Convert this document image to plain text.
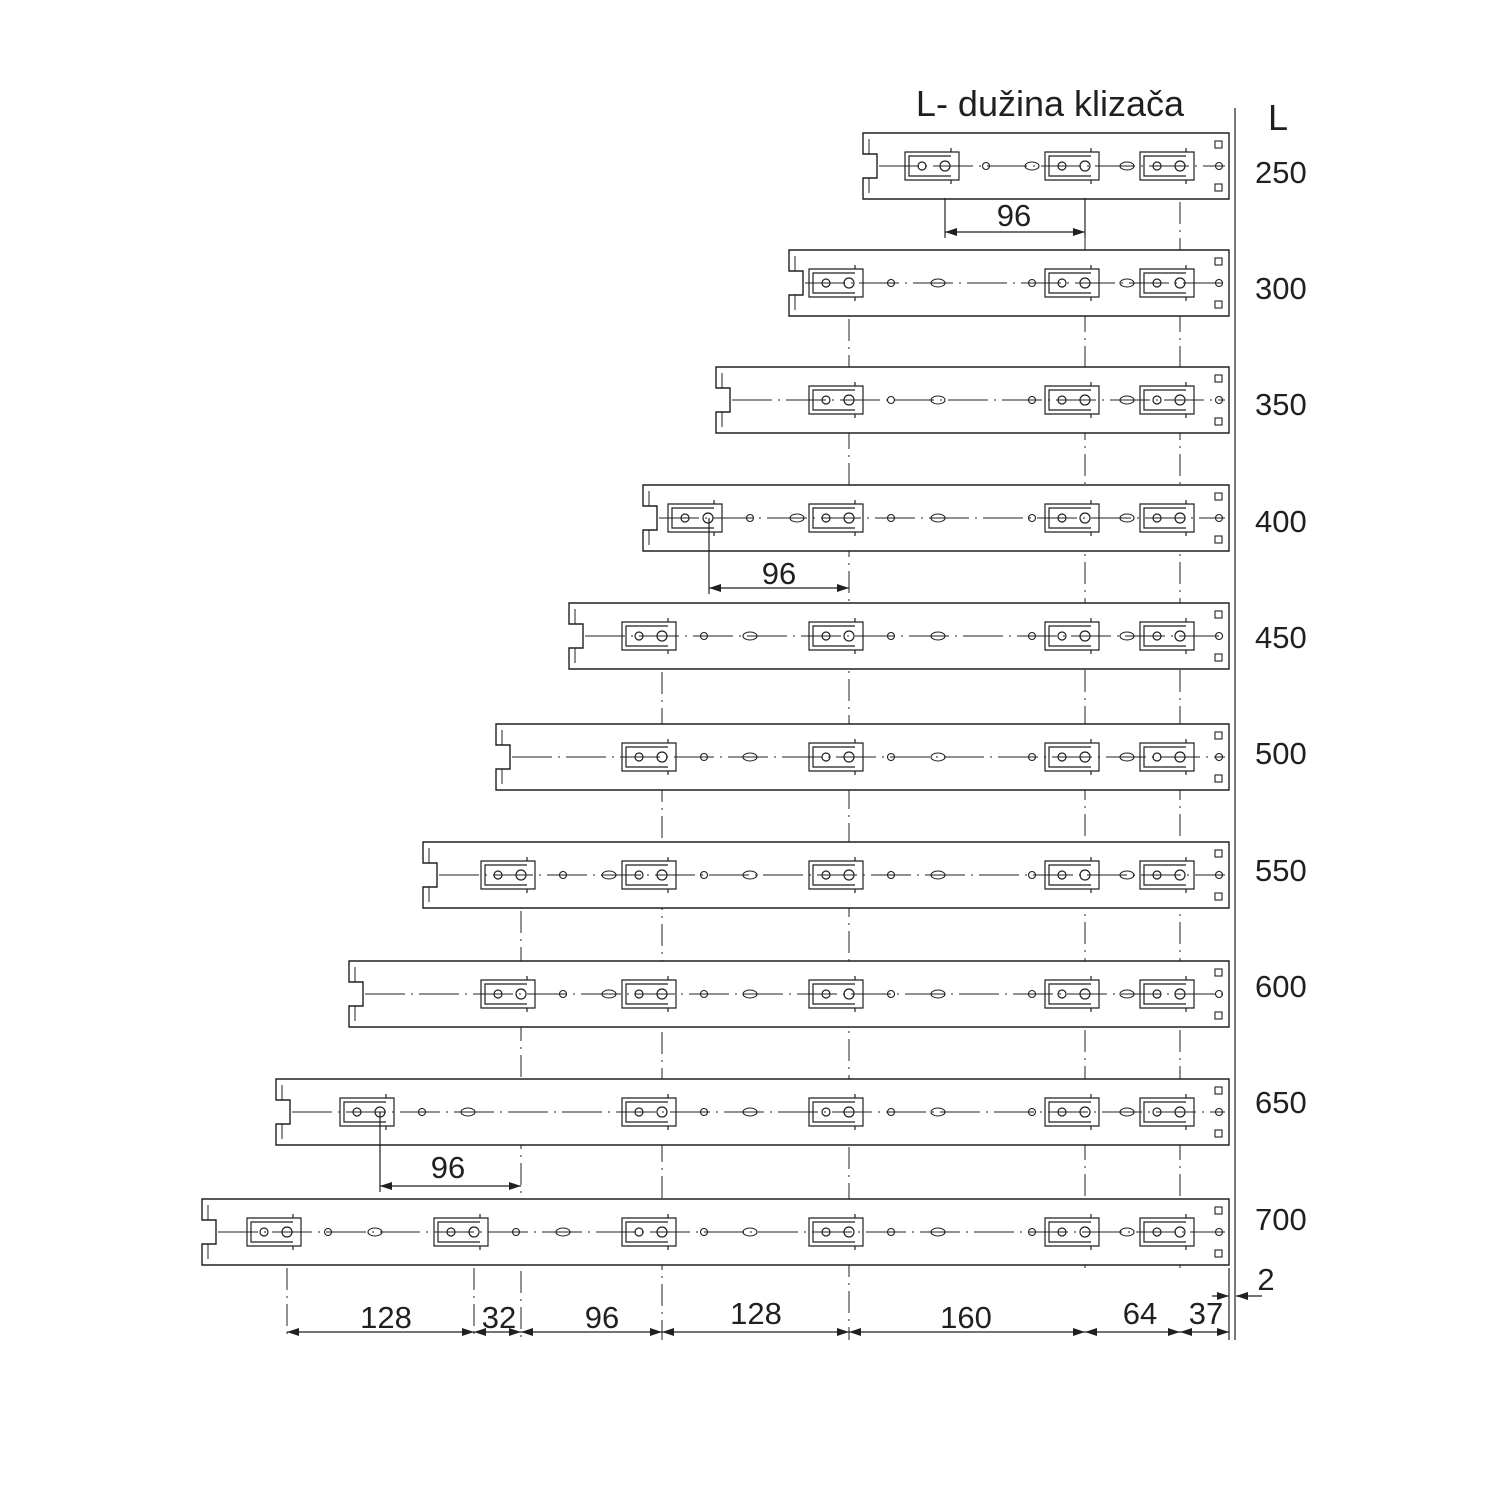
L- dužina klizača L
250
300
350
400
450
500
550
600
650
700
96
96
96
128 32 96	128	160	64 37
2
